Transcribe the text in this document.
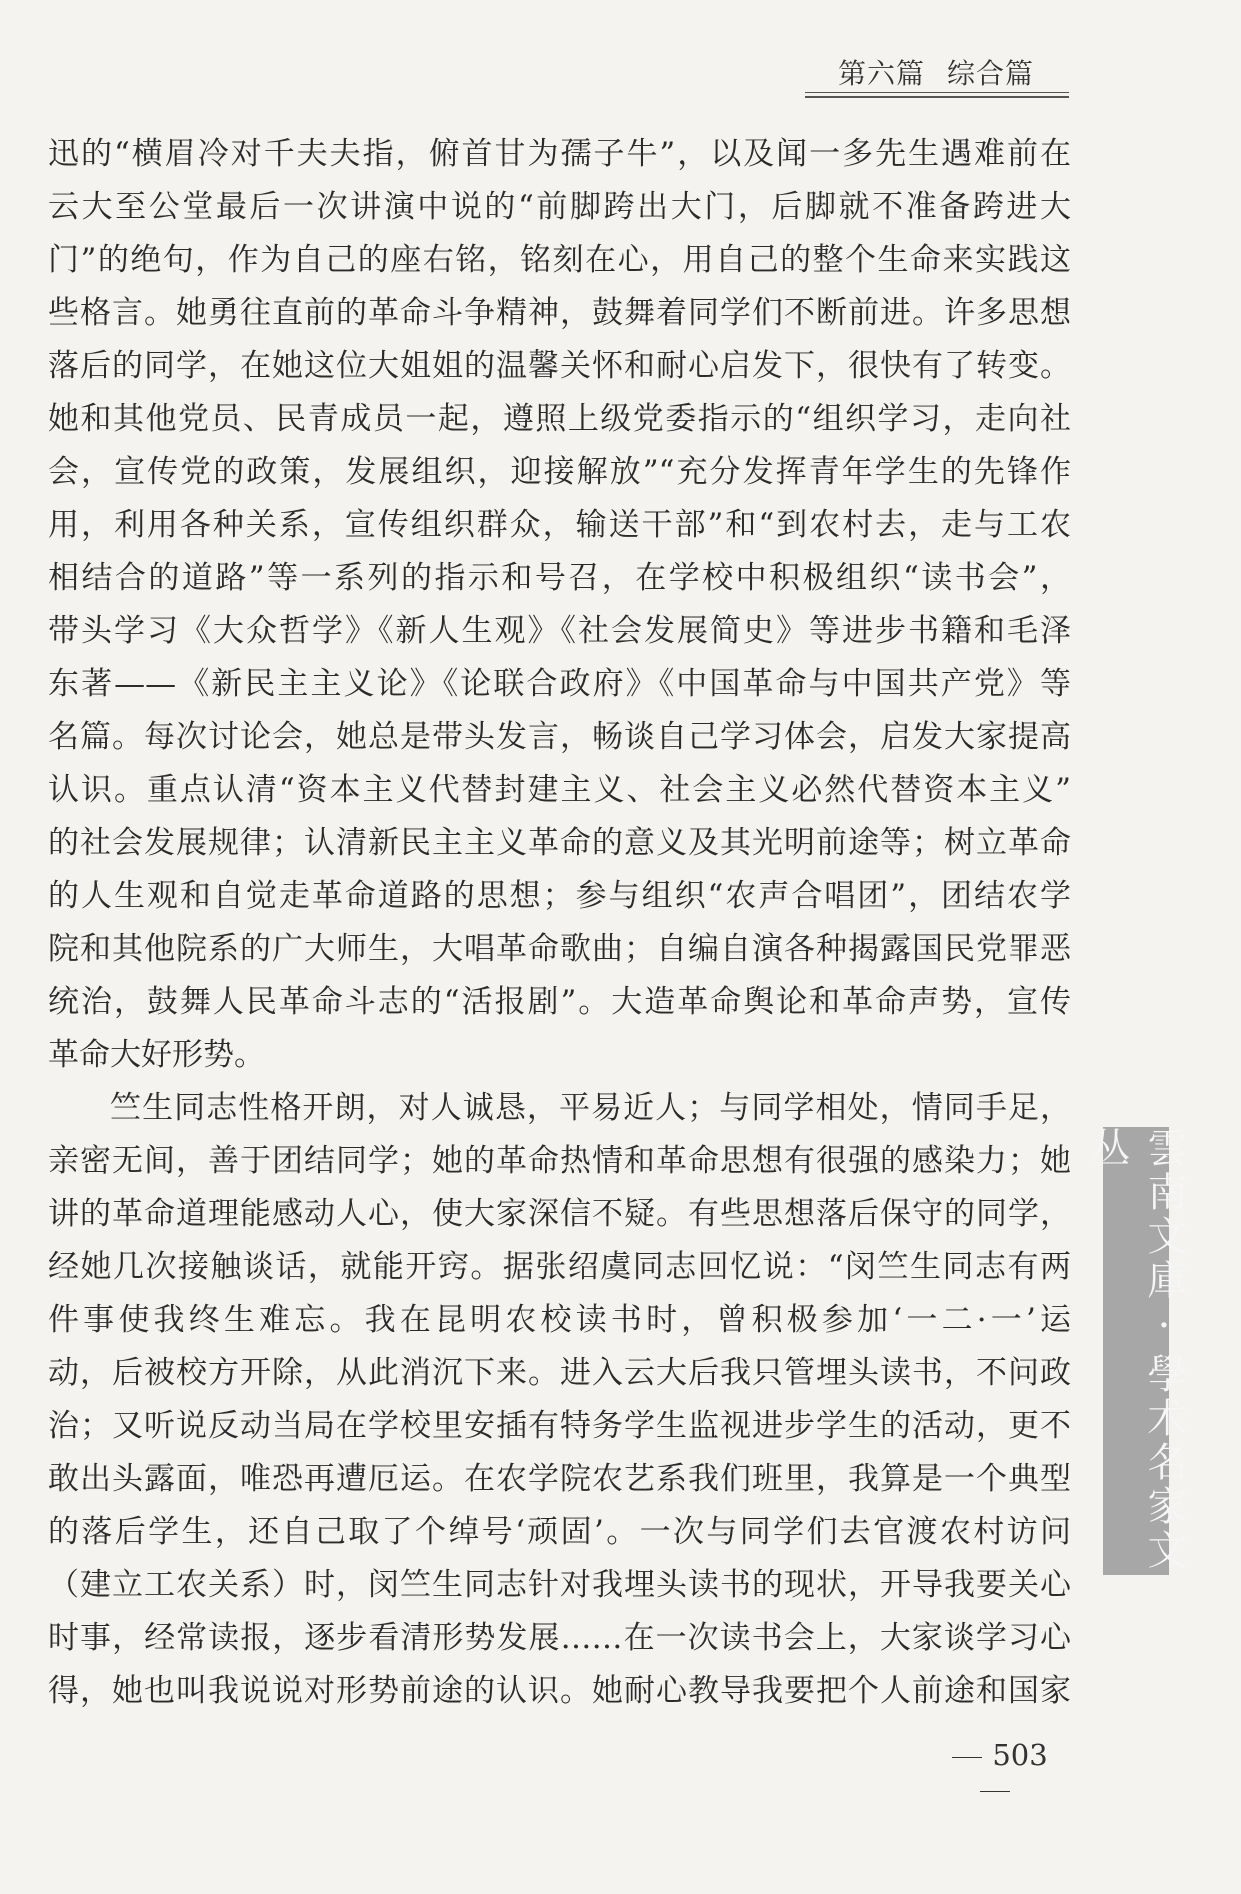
第六篇 综合篇
迅的“横眉冷对千夫夫指，俯首甘为孺子牛”，以及闻一多先生遇难前在
云大至公堂最后一次讲演中说的“前脚跨出大门，后脚就不准备跨进大
门”的绝句，作为自己的座右铭，铭刻在心，用自己的整个生命来实践这
些格言。她勇往直前的革命斗争精神，鼓舞着同学们不断前进。许多思想
落后的同学，在她这位大姐姐的温馨关怀和耐心启发下，很快有了转变。
她和其他党员、民青成员一起，遵照上级党委指示的“组织学习，走向社
会，宣传党的政策，发展组织，迎接解放”“充分发挥青年学生的先锋作
用，利用各种关系，宣传组织群众，输送干部”和“到农村去，走与工农
相结合的道路”等一系列的指示和号召，在学校中积极组织“读书会”，
带头学习《大众哲学》《新人生观》《社会发展简史》等进步书籍和毛泽
东著——《新民主主义论》《论联合政府》《中国革命与中国共产党》等
名篇。每次讨论会，她总是带头发言，畅谈自己学习体会，启发大家提高
认识。重点认清“资本主义代替封建主义、社会主义必然代替资本主义”
的社会发展规律；认清新民主主义革命的意义及其光明前途等；树立革命
的人生观和自觉走革命道路的思想；参与组织“农声合唱团”，团结农学
院和其他院系的广大师生，大唱革命歌曲；自编自演各种揭露国民党罪恶
统治，鼓舞人民革命斗志的“活报剧”。大造革命舆论和革命声势，宣传
革命大好形势。
竺生同志性格开朗，对人诚恳，平易近人；与同学相处，情同手足，
亲密无间，善于团结同学；她的革命热情和革命思想有很强的感染力；她
讲的革命道理能感动人心，使大家深信不疑。有些思想落后保守的同学，
经她几次接触谈话，就能开窍。据张绍虞同志回忆说：“闵竺生同志有两
件事使我终生难忘。我在昆明农校读书时，曾积极参加‘一二·一’运
动，后被校方开除，从此消沉下来。进入云大后我只管埋头读书，不问政
治；又听说反动当局在学校里安插有特务学生监视进步学生的活动，更不
敢出头露面，唯恐再遭厄运。在农学院农艺系我们班里，我算是一个典型
的落后学生，还自己取了个绰号‘顽固’。一次与同学们去官渡农村访问
（建立工农关系）时，闵竺生同志针对我埋头读书的现状，开导我要关心
时事，经常读报，逐步看清形势发展……在一次读书会上，大家谈学习心
得，她也叫我说说对形势前途的认识。她耐心教导我要把个人前途和国家
雲南文庫·學术名家文丛
503
